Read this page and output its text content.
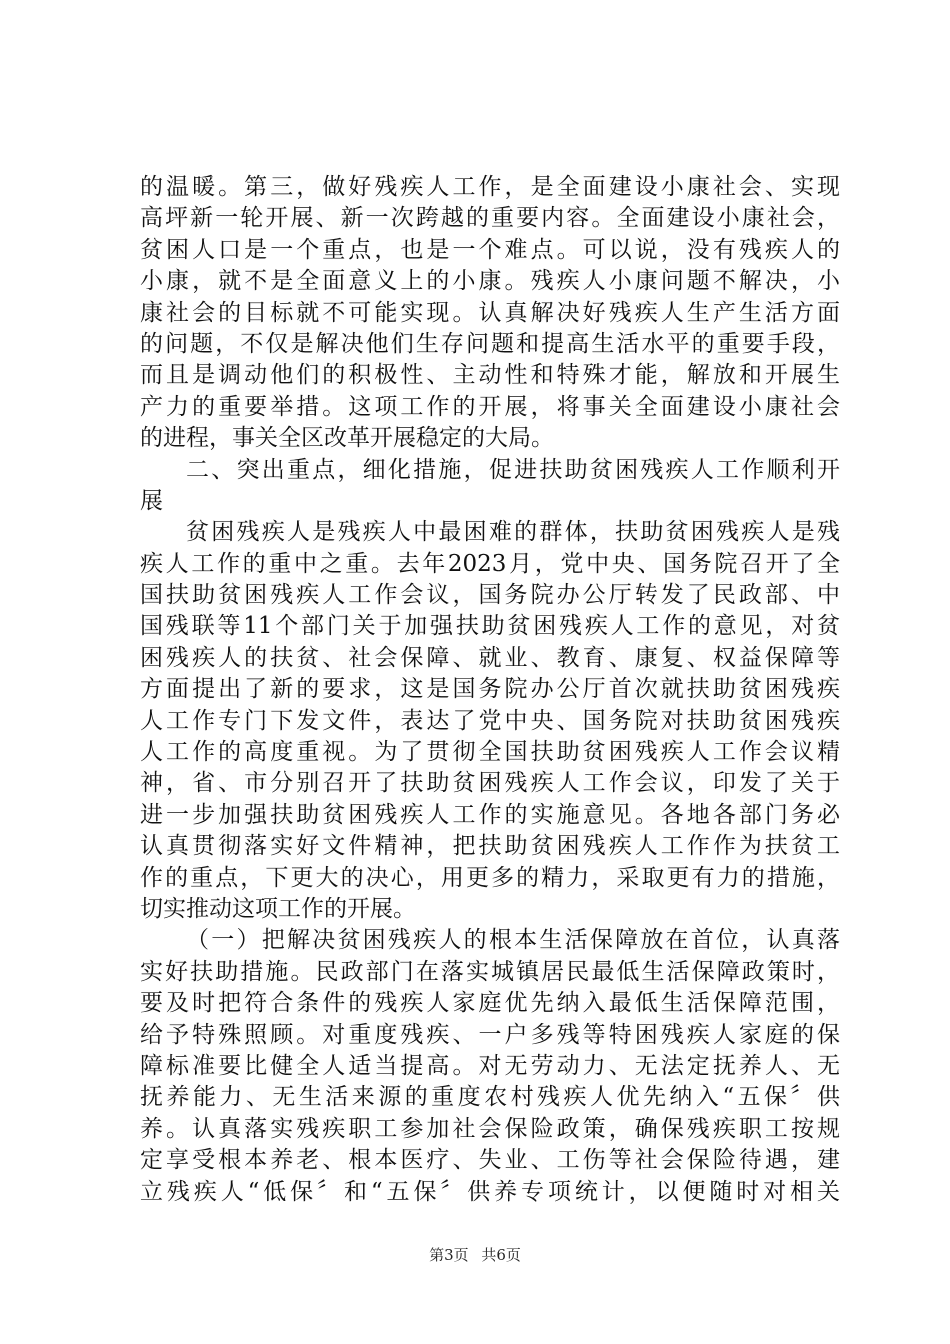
的温暖。第三，做好残疾人工作，是全面建设小康社会、实现
高坪新一轮开展、新一次跨越的重要内容。全面建设小康社会，
贫困人口是一个重点，也是一个难点。可以说，没有残疾人的
小康，就不是全面意义上的小康。残疾人小康问题不解决，小
康社会的目标就不可能实现。认真解决好残疾人生产生活方面
的问题，不仅是解决他们生存问题和提高生活水平的重要手段，
而且是调动他们的积极性、主动性和特殊才能，解放和开展生
产力的重要举措。这项工作的开展，将事关全面建设小康社会
的进程，事关全区改革开展稳定的大局。
二、突出重点，细化措施，促进扶助贫困残疾人工作顺利开
展
贫困残疾人是残疾人中最困难的群体，扶助贫困残疾人是残
疾人工作的重中之重。去年2023月，党中央、国务院召开了全
国扶助贫困残疾人工作会议，国务院办公厅转发了民政部、中
国残联等11个部门关于加强扶助贫困残疾人工作的意见，对贫
困残疾人的扶贫、社会保障、就业、教育、康复、权益保障等
方面提出了新的要求，这是国务院办公厅首次就扶助贫困残疾
人工作专门下发文件，表达了党中央、国务院对扶助贫困残疾
人工作的高度重视。为了贯彻全国扶助贫困残疾人工作会议精
神，省、市分别召开了扶助贫困残疾人工作会议，印发了关于
进一步加强扶助贫困残疾人工作的实施意见。各地各部门务必
认真贯彻落实好文件精神，把扶助贫困残疾人工作作为扶贫工
作的重点，下更大的决心，用更多的精力，采取更有力的措施，
切实推动这项工作的开展。
（一）把解决贫困残疾人的根本生活保障放在首位，认真落
实好扶助措施。民政部门在落实城镇居民最低生活保障政策时，
要及时把符合条件的残疾人家庭优先纳入最低生活保障范围，
给予特殊照顾。对重度残疾、一户多残等特困残疾人家庭的保
障标准要比健全人适当提高。对无劳动力、无法定抚养人、无
抚养能力、无生活来源的重度农村残疾人优先纳入“五保〞供
养。认真落实残疾职工参加社会保险政策，确保残疾职工按规
定享受根本养老、根本医疗、失业、工伤等社会保险待遇，建
立残疾人“低保〞和“五保〞供养专项统计，以便随时对相关
第3页 共6页
